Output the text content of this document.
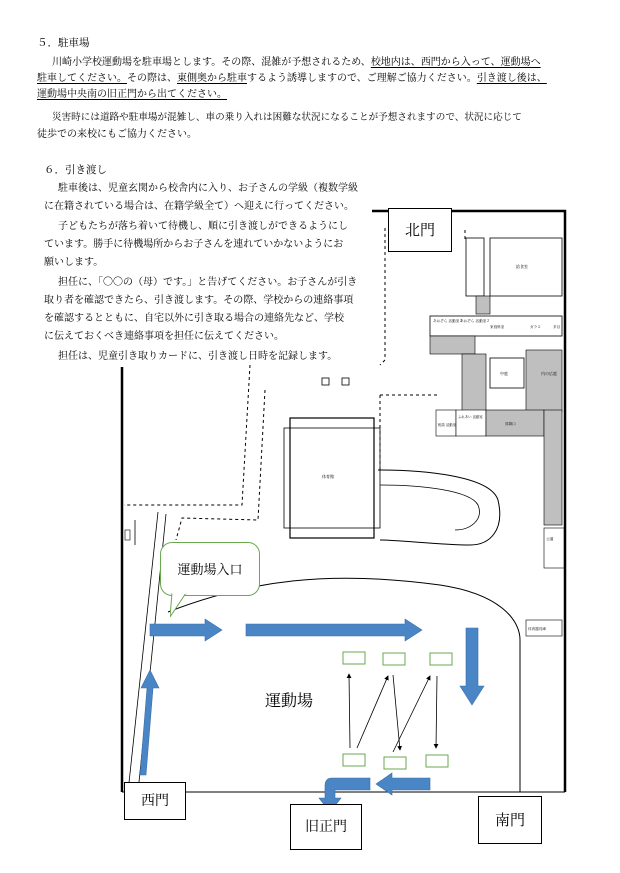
５．駐車場
川崎小学校運動場を駐車場とします。その際、混雑が予想されるため、校地内は、西門から入って、運動場へ
駐車してください。その際は、東側奥から駐車するよう誘導しますので、ご理解ご協力ください。引き渡し後は、
運動場中央南の旧正門から出てください。
災害時には道路や駐車場が混雑し、車の乗り入れは困難な状況になることが予想されますので、状況に応じて
徒歩での来校にもご協力ください。
６．引き渡し
駐車後は、児童玄関から校舎内に入り、お子さんの学級（複数学級
に在籍されている場合は、在籍学級全て）へ迎えに行ってください。
子どもたちが落ち着いて待機し、順に引き渡しができるようにし
ています。勝手に待機場所からお子さんを連れていかないようにお
願いします。
担任に、「〇〇の（母）です。」と告げてください。お子さんが引き
取り者を確認できたら、引き渡します。その際、学校からの連絡事項
を確認するとともに、自宅以外に引き取る場合の連絡先など、学校
に伝えておくべき連絡事項を担任に伝えてください。
担任は、児童引き取りカードに、引き渡し日時を記録します。
体育館
給食室
あおぞら 活動室１
あおぞら 活動室２
家庭科室	ガラス	多目
中庭	内の広庭
相談 活動室
ふれあい 活動室
昇降口
公議
体育器具庫
運動場入口
運動場
北門
西門
旧正門	南門
